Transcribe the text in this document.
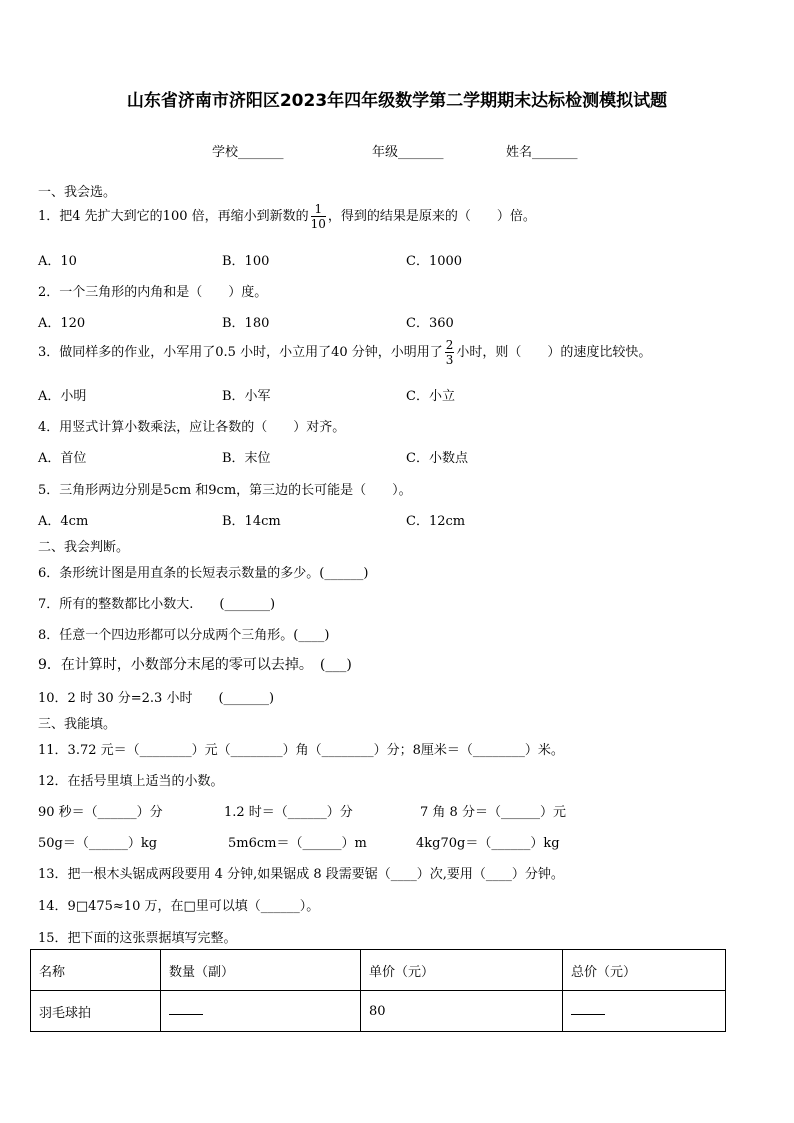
山东省济南市济阳区2023年四年级数学第二学期期末达标检测模拟试题
学校_______	年级_______	姓名_______
一、我会选。
1．把4 先扩大到它的100 倍，再缩小到新数的 $\frac{1}{10}$ ，得到的结果是原来的（　　）倍。
A．10	B．100	C．1000
2．一个三角形的内角和是（　　）度。
A．120	B．180	C．360
3．做同样多的作业，小军用了0.5 小时，小立用了40 分钟，小明用了 $\frac{2}{3}$ 小时，则（　　）的速度比较快。
A．小明	B．小军	C．小立
4．用竖式计算小数乘法，应让各数的（　　）对齐。
A．首位	B．末位	C．小数点
5．三角形两边分别是5cm 和9cm，第三边的长可能是（　　）。
A．4cm	B．14cm	C．12cm
二、我会判断。
6．条形统计图是用直条的长短表示数量的多少。(______)
7．所有的整数都比小数大.　　(_______)
8．任意一个四边形都可以分成两个三角形。(____)
9．在计算时，小数部分末尾的零可以去掉。　(___)
10．2 时 30 分=2.3 小时　　(_______)
三、我能填。
11．3.72 元＝（________）元（________）角（________）分；8厘米＝（________）米。
12．在括号里填上适当的小数。
90 秒＝（______）分	1.2 时＝（______）分	7 角 8 分＝（______）元
50g＝（______）kg	5m6cm＝（______）m	4kg70g＝（______）kg
13．把一根木头锯成两段要用 4 分钟,如果锯成 8 段需要锯（____）次,要用（____）分钟。
14．9□475≈10 万，在□里可以填（______）。
15．把下面的这张票据填写完整。
名称	数量（副）	单价（元）	总价（元）
羽毛球拍		80	
